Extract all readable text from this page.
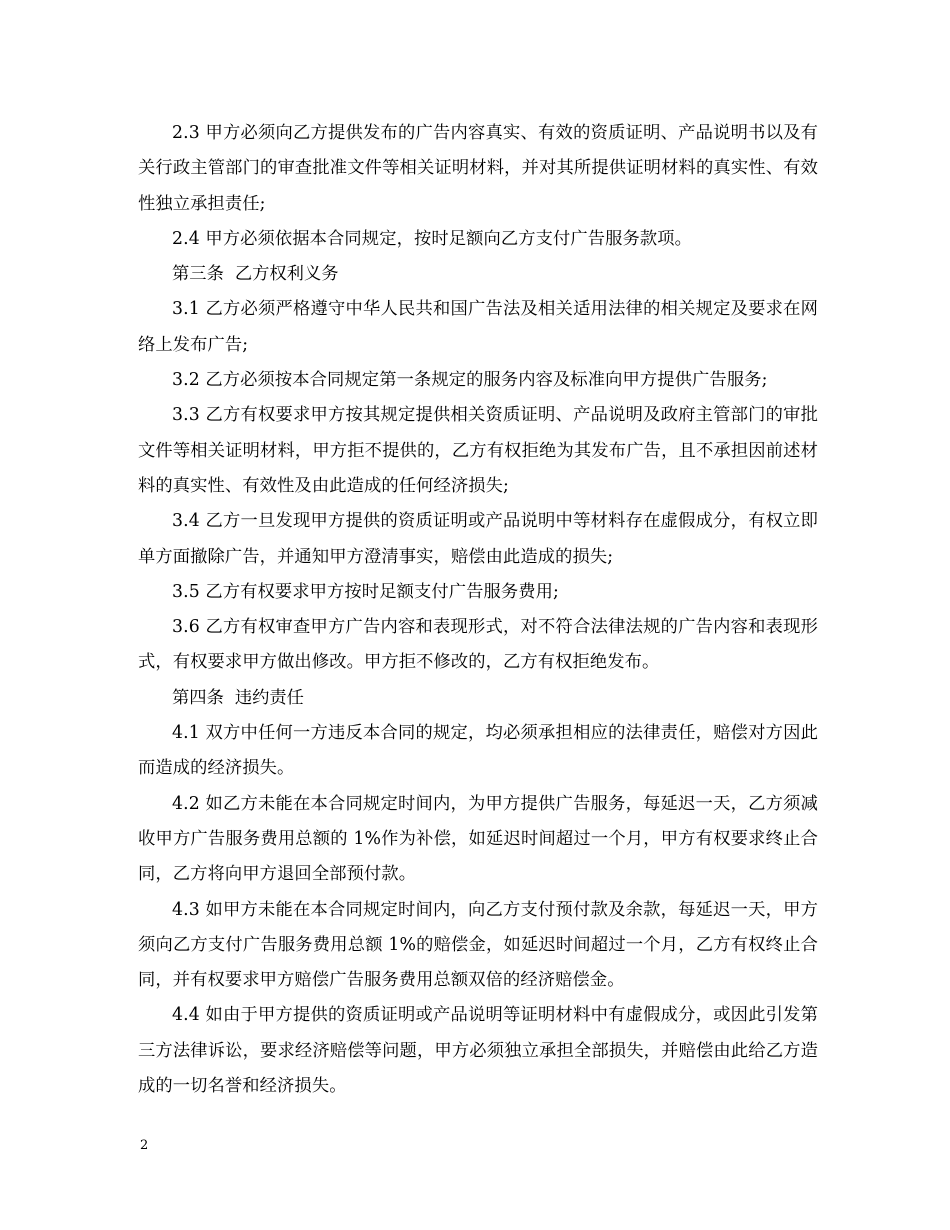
2.3 甲方必须向乙方提供发布的广告内容真实、有效的资质证明、产品说明书以及有关行政主管部门的审查批准文件等相关证明材料，并对其所提供证明材料的真实性、有效性独立承担责任;

2.4 甲方必须依据本合同规定，按时足额向乙方支付广告服务款项。

第三条  乙方权利义务

3.1 乙方必须严格遵守中华人民共和国广告法及相关适用法律的相关规定及要求在网络上发布广告;

3.2 乙方必须按本合同规定第一条规定的服务内容及标准向甲方提供广告服务;

3.3 乙方有权要求甲方按其规定提供相关资质证明、产品说明及政府主管部门的审批文件等相关证明材料，甲方拒不提供的，乙方有权拒绝为其发布广告，且不承担因前述材料的真实性、有效性及由此造成的任何经济损失;

3.4 乙方一旦发现甲方提供的资质证明或产品说明中等材料存在虚假成分，有权立即单方面撤除广告，并通知甲方澄清事实，赔偿由此造成的损失;

3.5 乙方有权要求甲方按时足额支付广告服务费用;

3.6 乙方有权审查甲方广告内容和表现形式，对不符合法律法规的广告内容和表现形式，有权要求甲方做出修改。甲方拒不修改的，乙方有权拒绝发布。

第四条  违约责任

4.1 双方中任何一方违反本合同的规定，均必须承担相应的法律责任，赔偿对方因此而造成的经济损失。

4.2 如乙方未能在本合同规定时间内，为甲方提供广告服务，每延迟一天，乙方须减收甲方广告服务费用总额的 1%作为补偿，如延迟时间超过一个月，甲方有权要求终止合同，乙方将向甲方退回全部预付款。

4.3 如甲方未能在本合同规定时间内，向乙方支付预付款及余款，每延迟一天，甲方须向乙方支付广告服务费用总额 1%的赔偿金，如延迟时间超过一个月，乙方有权终止合同，并有权要求甲方赔偿广告服务费用总额双倍的经济赔偿金。

4.4 如由于甲方提供的资质证明或产品说明等证明材料中有虚假成分，或因此引发第三方法律诉讼，要求经济赔偿等问题，甲方必须独立承担全部损失，并赔偿由此给乙方造成的一切名誉和经济损失。

2
